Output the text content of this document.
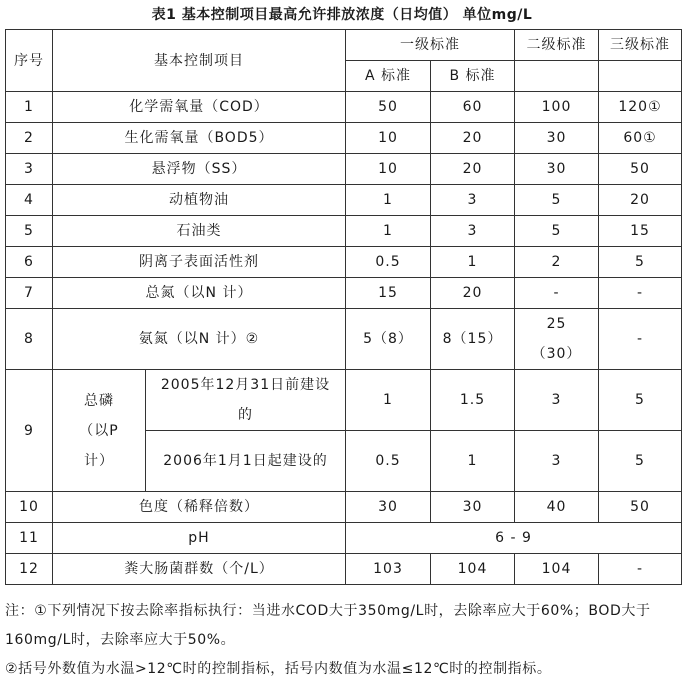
表1 基本控制项目最高允许排放浓度（日均值） 单位mg/L
序号	基本控制项目		一级标准		二级标准	三级标准
			A 标准	B 标准		
1	化学需氧量（COD）		50	60	100	120①
2	生化需氧量（BOD5）		10	20	30	60①
3	悬浮物（SS）		10	20	30	50
4	动植物油		1	3	5	20
5	石油类		1	3	5	15
6	阴离子表面活性剂		0.5	1	2	5
7	总氮（以N 计）		15	20	-	-
8	氨氮（以N 计）②		5（8）	8（15）	25（30）	-
9	总磷（以P计）	2005年12月31日前建设的	1	1.5	3	5
		2006年1月1日起建设的	0.5	1	3	5
10	色度（稀释倍数）		30	30	40	50
11	pH		6 - 9			
12	粪大肠菌群数（个/L）		103	104	104	-

注：①下列情况下按去除率指标执行：当进水COD大于350mg/L时，去除率应大于60%；BOD大于160mg/L时，去除率应大于50%。

②括号外数值为水温>12℃时的控制指标，括号内数值为水温≤12℃时的控制指标。
